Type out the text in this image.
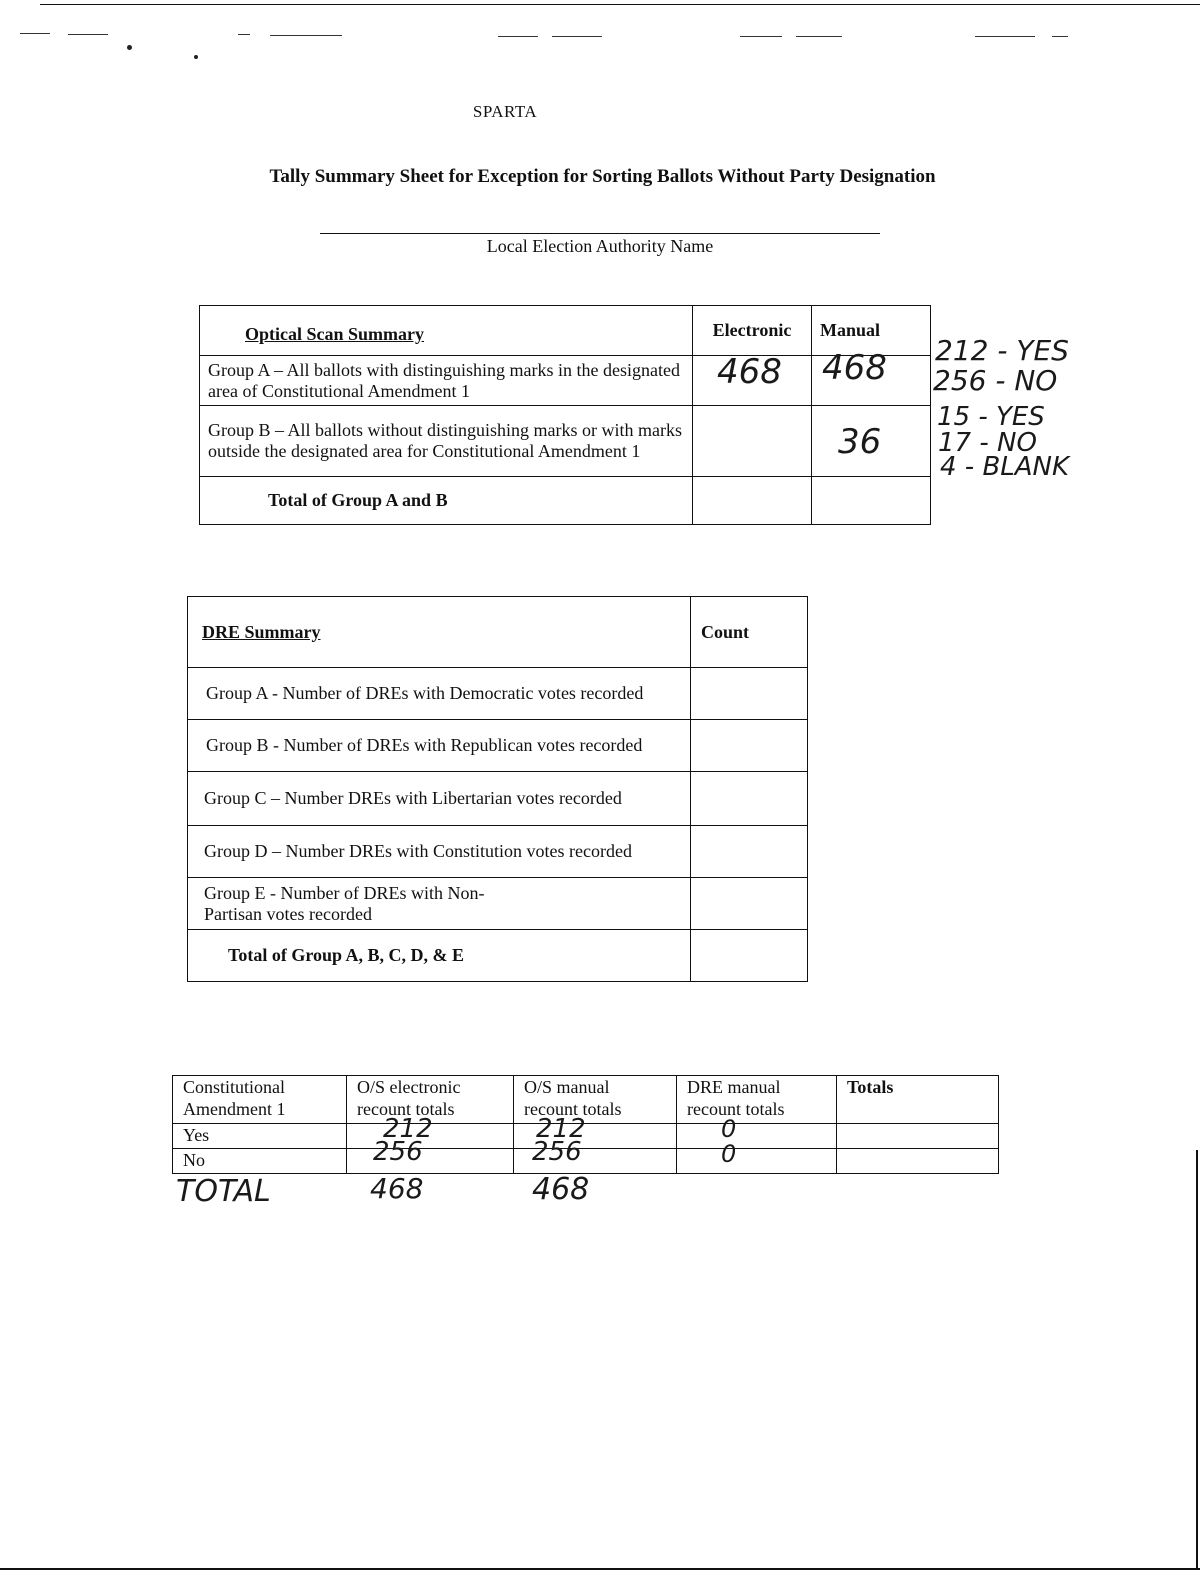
SPARTA
Tally Summary Sheet for Exception for Sorting Ballots Without Party Designation
Local Election Authority Name
Optical Scan Summary	Electronic	Manual
Group A – All ballots with distinguishing marks in the designated area of Constitutional Amendment 1	468	468

Group B – All ballots without distinguishing marks or with marks outside the designated area for Constitutional Amendment 1		36

Total of Group A and B		
212 - YES
256 - NO
15 - YES
17 - NO
4 - BLANK
DRE Summary	Count
Group A - Number of DREs with Democratic votes recorded	
Group B - Number of DREs with Republican votes recorded	
Group C – Number DREs with Libertarian votes recorded	
Group D – Number DREs with Constitution votes recorded	
Group E - Number of DREs with Non-Partisan votes recorded	
Total of Group A, B, C, D, & E	
Constitutional Amendment 1	O/S electronic recount totals	O/S manual recount totals	DRE manual recount totals	Totals
Yes	212	212	0	

No	256	256	0	

TOTAL	468	468
